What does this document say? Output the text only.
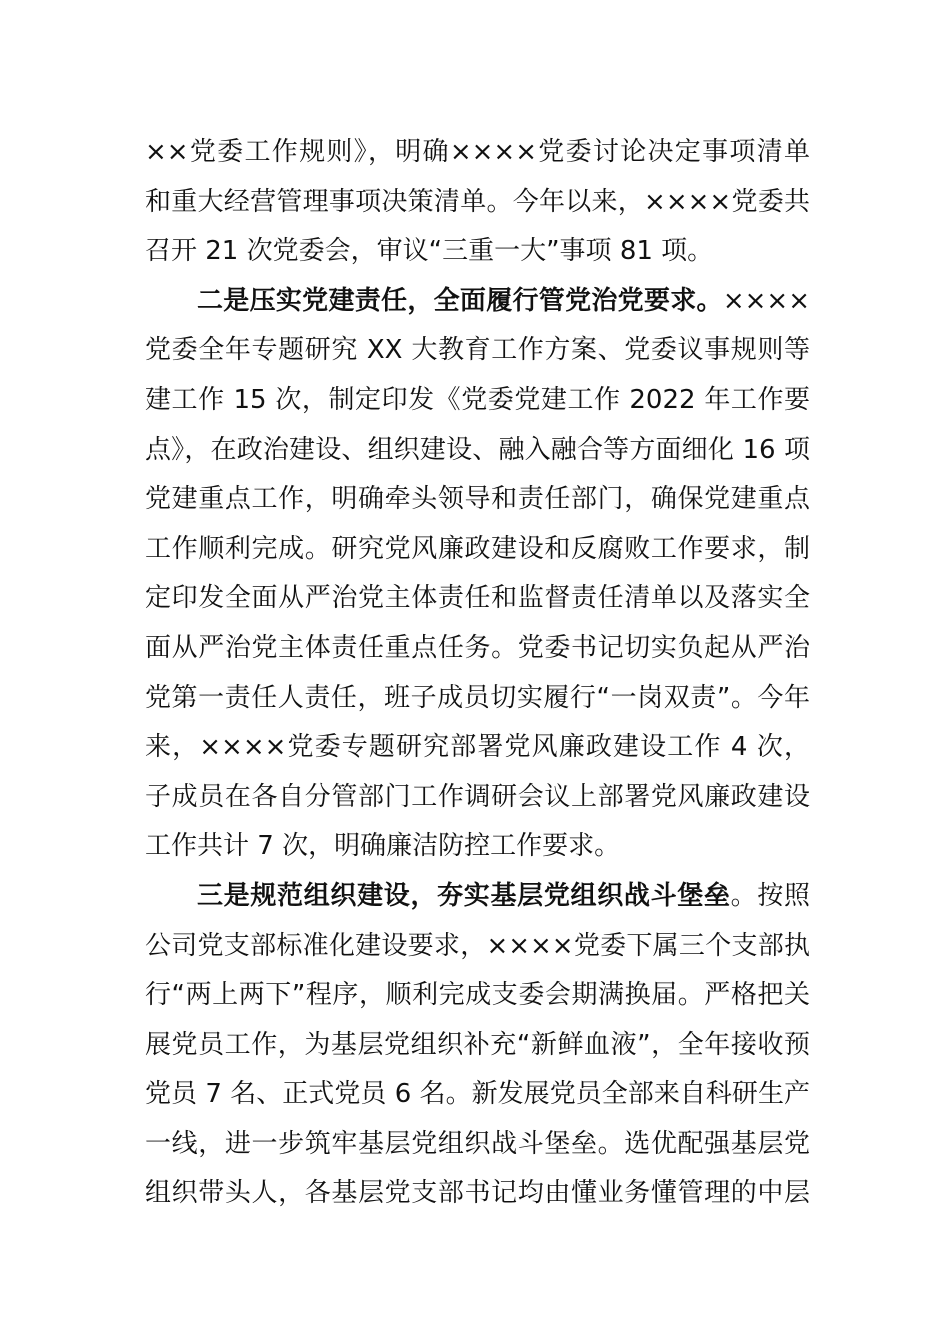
××党委工作规则》，明确××××党委讨论决定事项清单
和重大经营管理事项决策清单。今年以来，××××党委共
召开 21 次党委会，审议“三重一大”事项 81 项。
二是压实党建责任，全面履行管党治党要求。××××
党委全年专题研究 XX 大教育工作方案、党委议事规则等
建工作 15 次，制定印发《党委党建工作 2022 年工作要
点》，在政治建设、组织建设、融入融合等方面细化 16 项
党建重点工作，明确牵头领导和责任部门，确保党建重点
工作顺利完成。研究党风廉政建设和反腐败工作要求，制
定印发全面从严治党主体责任和监督责任清单以及落实全
面从严治党主体责任重点任务。党委书记切实负起从严治
党第一责任人责任，班子成员切实履行“一岗双责”。今年
来，××××党委专题研究部署党风廉政建设工作 4 次，
子成员在各自分管部门工作调研会议上部署党风廉政建设
工作共计 7 次，明确廉洁防控工作要求。
三是规范组织建设，夯实基层党组织战斗堡垒。按照
公司党支部标准化建设要求，××××党委下属三个支部执
行“两上两下”程序，顺利完成支委会期满换届。严格把关
展党员工作，为基层党组织补充“新鲜血液”，全年接收预
党员 7 名、正式党员 6 名。新发展党员全部来自科研生产
一线，进一步筑牢基层党组织战斗堡垒。选优配强基层党
组织带头人，各基层党支部书记均由懂业务懂管理的中层
